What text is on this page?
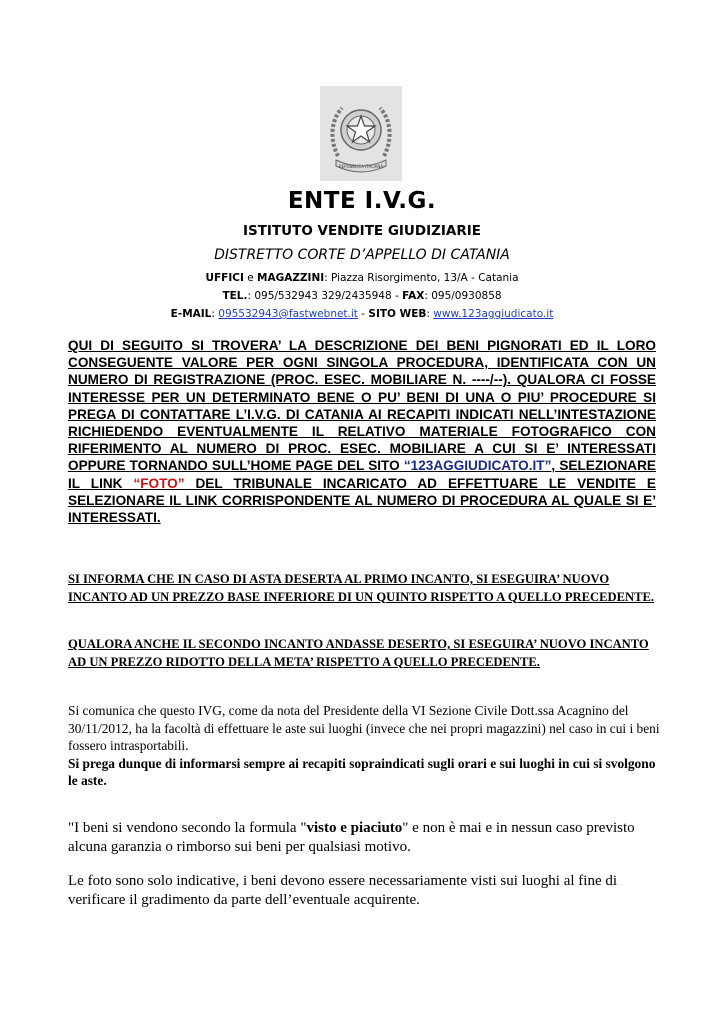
REPUBBLICA ITALIANA
ENTE I.V.G.
ISTITUTO VENDITE GIUDIZIARIE
DISTRETTO CORTE D’APPELLO DI CATANIA
UFFICI e MAGAZZINI: Piazza Risorgimento, 13/A - Catania
TEL.: 095/532943 329/2435948 - FAX: 095/0930858
E-MAIL: 095532943@fastwebnet.it - SITO WEB: www.123aggiudicato.it
QUI DI SEGUITO SI TROVERA’ LA DESCRIZIONE DEI BENI PIGNORATI ED IL LORO CONSEGUENTE VALORE PER OGNI SINGOLA PROCEDURA, IDENTIFICATA CON UN NUMERO DI REGISTRAZIONE (PROC. ESEC. MOBILIARE N. ----/--). QUALORA CI FOSSE INTERESSE PER UN DETERMINATO BENE O PU’ BENI DI UNA O PIU’ PROCEDURE SI PREGA DI CONTATTARE L’I.V.G. DI CATANIA AI RECAPITI INDICATI NELL’INTESTAZIONE RICHIEDENDO EVENTUALMENTE IL RELATIVO MATERIALE FOTOGRAFICO CON RIFERIMENTO AL NUMERO DI PROC. ESEC. MOBILIARE A CUI SI E’ INTERESSATI OPPURE TORNANDO SULL’HOME PAGE DEL SITO “123AGGIUDICATO.IT”, SELEZIONARE IL LINK “FOTO” DEL TRIBUNALE INCARICATO AD EFFETTUARE LE VENDITE E SELEZIONARE IL LINK CORRISPONDENTE AL NUMERO DI PROCEDURA AL QUALE SI E’ INTERESSATI.
SI INFORMA CHE IN CASO DI ASTA DESERTA AL PRIMO INCANTO, SI ESEGUIRA’ NUOVO INCANTO AD UN PREZZO BASE INFERIORE DI UN QUINTO RISPETTO A QUELLO PRECEDENTE.
QUALORA ANCHE IL SECONDO INCANTO ANDASSE DESERTO, SI ESEGUIRA’ NUOVO INCANTO AD UN PREZZO RIDOTTO DELLA META’ RISPETTO A QUELLO PRECEDENTE.
Si comunica che questo IVG, come da nota del Presidente della VI Sezione Civile Dott.ssa Acagnino del 30/11/2012, ha la facoltà di effettuare le aste sui luoghi (invece che nei propri magazzini) nel caso in cui i beni fossero intrasportabili.
Si prega dunque di informarsi sempre ai recapiti sopraindicati sugli orari e sui luoghi in cui si svolgono le aste.
"I beni si vendono secondo la formula "visto e piaciuto" e non è mai e in nessun caso previsto alcuna garanzia o rimborso sui beni per qualsiasi motivo.
Le foto sono solo indicative, i beni devono essere necessariamente visti sui luoghi al fine di verificare il gradimento da parte dell’eventuale acquirente.
